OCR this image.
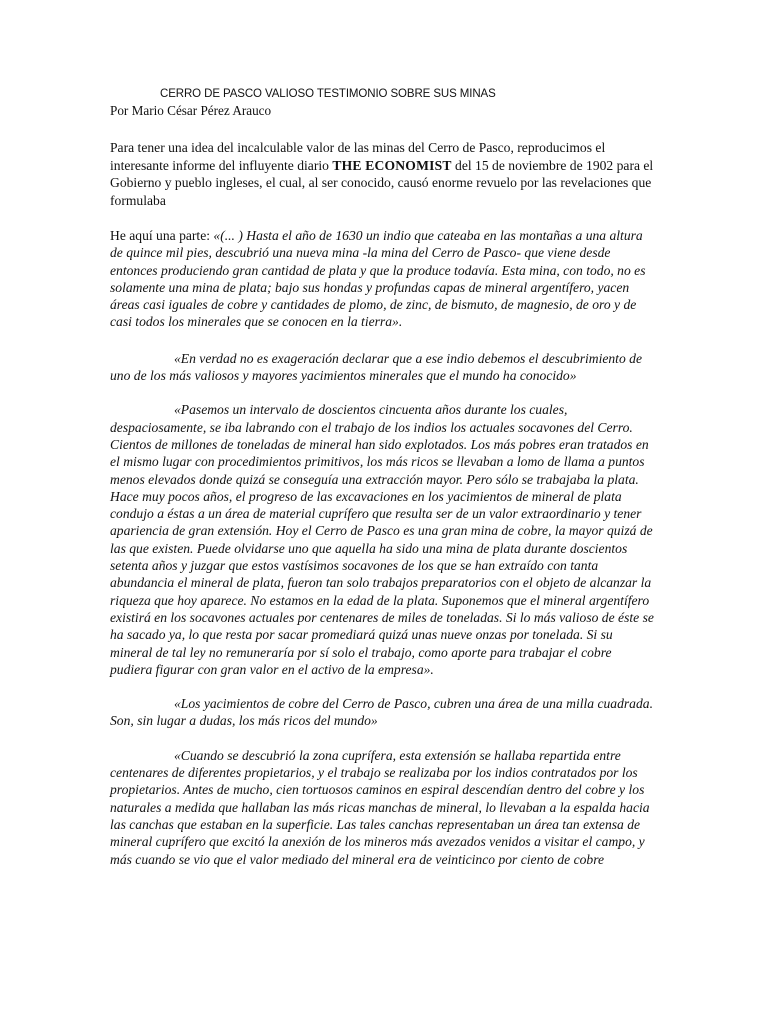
CERRO DE PASCO VALIOSO TESTIMONIO SOBRE SUS MINAS
Por Mario César Pérez Arauco

Para tener una idea del incalculable valor de las minas del Cerro de Pasco, reproducimos el interesante informe del influyente diario THE ECONOMIST del 15 de noviembre de 1902 para el Gobierno y pueblo ingleses, el cual, al ser conocido, causó enorme revuelo por las revelaciones que formulaba

He aquí una parte: «(... ) Hasta el año de 1630 un indio que cateaba en las montañas a una altura de quince mil pies, descubrió una nueva mina -la mina del Cerro de Pasco- que viene desde entonces produciendo gran cantidad de plata y que la produce todavía. Esta mina, con todo, no es solamente una mina de plata; bajo sus hondas y profundas capas de mineral argentífero, yacen áreas casi iguales de cobre y cantidades de plomo, de zinc, de bismuto, de magnesio, de oro y de casi todos los minerales que se conocen en la tierra».

«En verdad no es exageración declarar que a ese indio debemos el descubrimiento de uno de los más valiosos y mayores yacimientos minerales que el mundo ha conocido»

«Pasemos un intervalo de doscientos cincuenta años durante los cuales, despaciosamente, se iba labrando con el trabajo de los indios los actuales socavones del Cerro. Cientos de millones de toneladas de mineral han sido explotados. Los más pobres eran tratados en el mismo lugar con procedimientos primitivos, los más ricos se llevaban a lomo de llama a puntos menos elevados donde quizá se conseguía una extracción mayor. Pero sólo se trabajaba la plata. Hace muy pocos años, el progreso de las excavaciones en los yacimientos de mineral de plata condujo a éstas a un área de material cuprífero que resulta ser de un valor extraordinario y tener apariencia de gran extensión. Hoy el Cerro de Pasco es una gran mina de cobre, la mayor quizá de las que existen. Puede olvidarse uno que aquella ha sido una mina de plata durante doscientos setenta años y juzgar que estos vastísimos socavones de los que se han extraído con tanta abundancia el mineral de plata, fueron tan solo trabajos preparatorios con el objeto de alcanzar la riqueza que hoy aparece. No estamos en la edad de la plata. Suponemos que el mineral argentífero existirá en los socavones actuales por centenares de miles de toneladas. Si lo más valioso de éste se ha sacado ya, lo que resta por sacar promediará quizá unas nueve onzas por tonelada. Si su mineral de tal ley no remuneraría por sí solo el trabajo, como aporte para trabajar el cobre pudiera figurar con gran valor en el activo de la empresa».

«Los yacimientos de cobre del Cerro de Pasco, cubren una área de una milla cuadrada. Son, sin lugar a dudas, los más ricos del mundo»

«Cuando se descubrió la zona cuprífera, esta extensión se hallaba repartida entre centenares de diferentes propietarios, y el trabajo se realizaba por los indios contratados por los propietarios. Antes de mucho, cien tortuosos caminos en espiral descendían dentro del cobre y los naturales a medida que hallaban las más ricas manchas de mineral, lo llevaban a la espalda hacia las canchas que estaban en la superficie. Las tales canchas representaban un área tan extensa de mineral cuprífero que excitó la anexión de los mineros más avezados venidos a visitar el campo, y más cuando se vio que el valor mediado del mineral era de veinticinco por ciento de cobre
